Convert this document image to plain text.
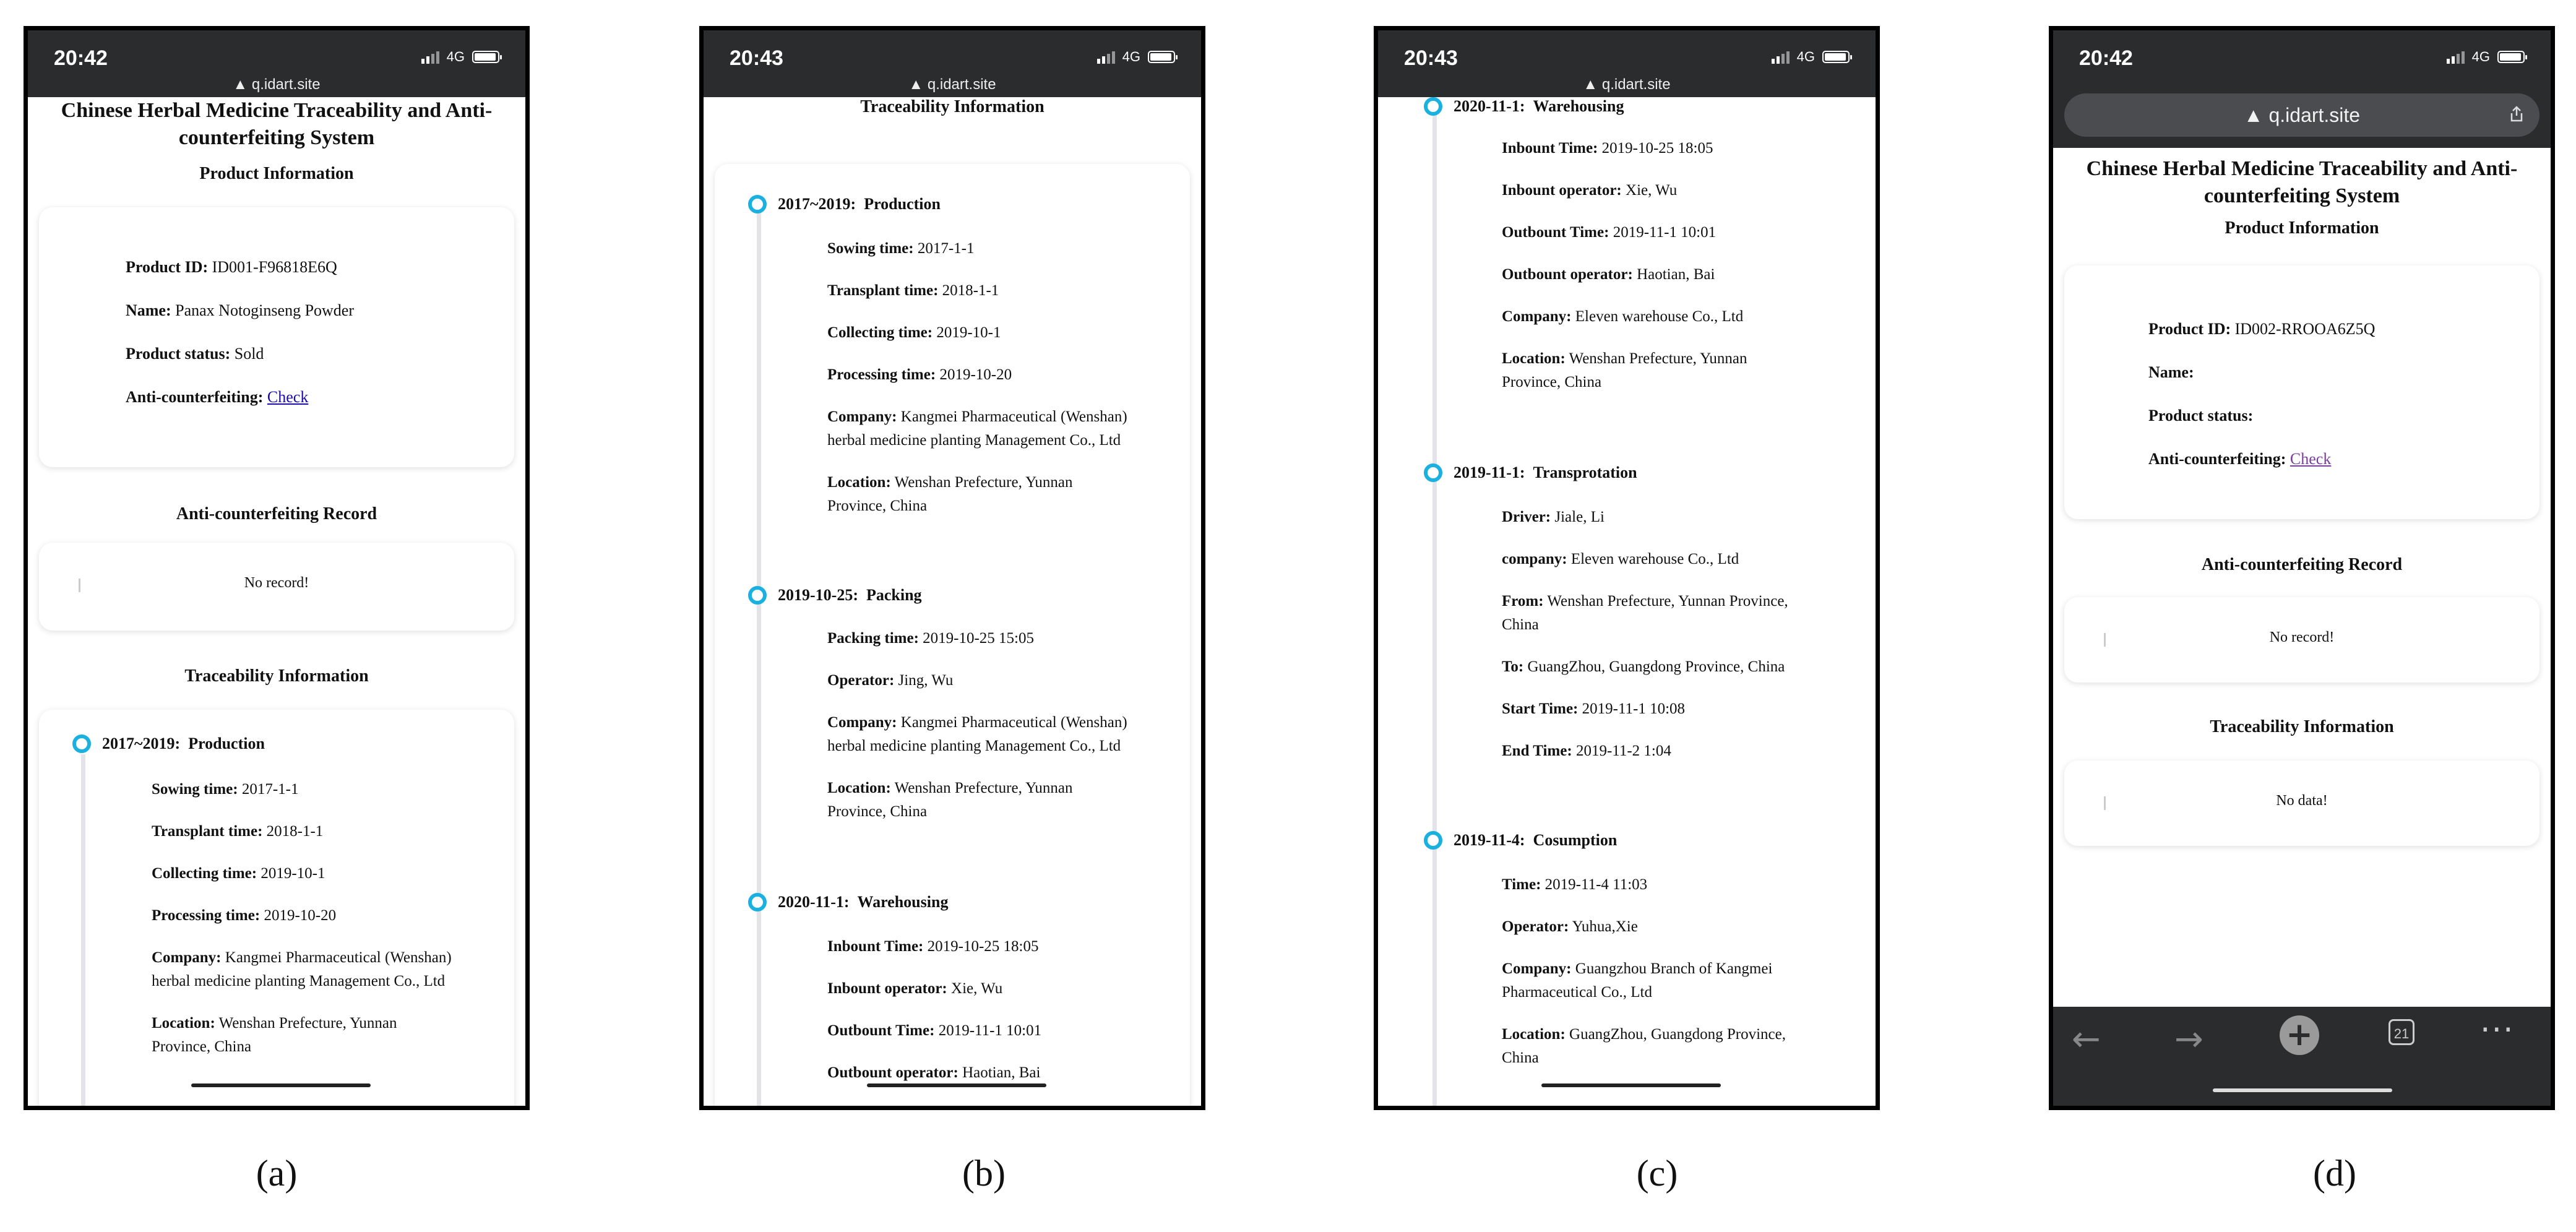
20:42	4G
▲ q.idart.site
Chinese Herbal Medicine Traceability and Anti-counterfeiting System
Product Information
Product ID: ID001-F96818E6Q
Name: Panax Notoginseng Powder
Product status: Sold
Anti-counterfeiting: Check
Anti-counterfeiting Record
No record!
Traceability Information
2017~2019: Production
Sowing time: 2017-1-1
Transplant time: 2018-1-1
Collecting time: 2019-10-1
Processing time: 2019-10-20
Company: Kangmei Pharmaceutical (Wenshan)
herbal medicine planting Management Co., Ltd
Location: Wenshan Prefecture, Yunnan
Province, China
(a)
20:43	4G
▲ q.idart.site
Traceability Information
2017~2019: Production
Sowing time: 2017-1-1
Transplant time: 2018-1-1
Collecting time: 2019-10-1
Processing time: 2019-10-20
Company: Kangmei Pharmaceutical (Wenshan)
herbal medicine planting Management Co., Ltd
Location: Wenshan Prefecture, Yunnan
Province, China
2019-10-25: Packing
Packing time: 2019-10-25 15:05
Operator: Jing, Wu
Company: Kangmei Pharmaceutical (Wenshan)
herbal medicine planting Management Co., Ltd
Location: Wenshan Prefecture, Yunnan
Province, China
2020-11-1: Warehousing
Inbount Time: 2019-10-25 18:05
Inbount operator: Xie, Wu
Outbount Time: 2019-11-1 10:01
Outbount operator: Haotian, Bai
(b)
20:43	4G
▲ q.idart.site
2020-11-1: Warehousing
Inbount Time: 2019-10-25 18:05
Inbount operator: Xie, Wu
Outbount Time: 2019-11-1 10:01
Outbount operator: Haotian, Bai
Company: Eleven warehouse Co., Ltd
Location: Wenshan Prefecture, Yunnan
Province, China
2019-11-1: Transprotation
Driver: Jiale, Li
company: Eleven warehouse Co., Ltd
From: Wenshan Prefecture, Yunnan Province,
China
To: GuangZhou, Guangdong Province, China
Start Time: 2019-11-1 10:08
End Time: 2019-11-2 1:04
2019-11-4: Cosumption
Time: 2019-11-4 11:03
Operator: Yuhua,Xie
Company: Guangzhou Branch of Kangmei
Pharmaceutical Co., Ltd
Location: GuangZhou, Guangdong Province,
China
(c)
20:42	4G
▲ q.idart.site
Chinese Herbal Medicine Traceability and Anti-counterfeiting System
Product Information
Product ID: ID002-RROOA6Z5Q
Name:
Product status:
Anti-counterfeiting: Check
Anti-counterfeiting Record
No record!
Traceability Information
No data!
← →	+	21 ···
(d)
